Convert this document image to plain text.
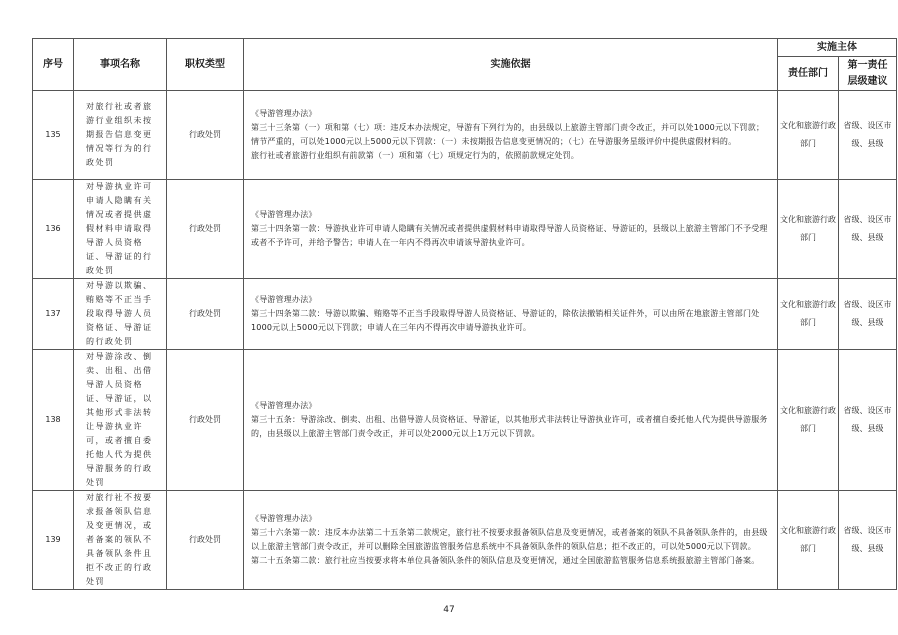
序号	事项名称	职权类型	实施依据	实施主体	
				责任部门	第一责任层级建议
135	对旅行社或者旅游行业组织未按期报告信息变更情况等行为的行政处罚	行政处罚	《导游管理办法》
第三十三条第（一）项和第（七）项：违反本办法规定，导游有下列行为的，由县级以上旅游主管部门责令改正，并可以处1000元以下罚款；情节严重的，可以处1000元以上5000元以下罚款：（一）未按期报告信息变更情况的；（七）在导游服务星级评价中提供虚假材料的。
旅行社或者旅游行业组织有前款第（一）项和第（七）项规定行为的，依照前款规定处罚。	文化和旅游行政部门	省级、设区市级、县级
136	对导游执业许可申请人隐瞒有关情况或者提供虚假材料申请取得导游人员资格证、导游证的行政处罚	行政处罚	《导游管理办法》
第三十四条第一款：导游执业许可申请人隐瞒有关情况或者提供虚假材料申请取得导游人员资格证、导游证的，县级以上旅游主管部门不予受理或者不予许可，并给予警告；申请人在一年内不得再次申请该导游执业许可。	文化和旅游行政部门	省级、设区市级、县级
137	对导游以欺骗、贿赂等不正当手段取得导游人员资格证、导游证的行政处罚	行政处罚	《导游管理办法》
第三十四条第二款：导游以欺骗、贿赂等不正当手段取得导游人员资格证、导游证的，除依法撤销相关证件外，可以由所在地旅游主管部门处1000元以上5000元以下罚款；申请人在三年内不得再次申请导游执业许可。	文化和旅游行政部门	省级、设区市级、县级
138	对导游涂改、倒卖、出租、出借导游人员资格证、导游证，以其他形式非法转让导游执业许可，或者擅自委托他人代为提供导游服务的行政处罚	行政处罚	《导游管理办法》
第三十五条：导游涂改、倒卖、出租、出借导游人员资格证、导游证，以其他形式非法转让导游执业许可，或者擅自委托他人代为提供导游服务的，由县级以上旅游主管部门责令改正，并可以处2000元以上1万元以下罚款。	文化和旅游行政部门	省级、设区市级、县级
139	对旅行社不按要求报备领队信息及变更情况，或者备案的领队不具备领队条件且拒不改正的行政处罚	行政处罚	《导游管理办法》
第三十六条第一款：违反本办法第二十五条第二款规定，旅行社不按要求报备领队信息及变更情况，或者备案的领队不具备领队条件的，由县级以上旅游主管部门责令改正，并可以删除全国旅游监管服务信息系统中不具备领队条件的领队信息；拒不改正的，可以处5000元以下罚款。
第二十五条第二款：旅行社应当按要求将本单位具备领队条件的领队信息及变更情况，通过全国旅游监管服务信息系统报旅游主管部门备案。	文化和旅游行政部门	省级、设区市级、县级
47
